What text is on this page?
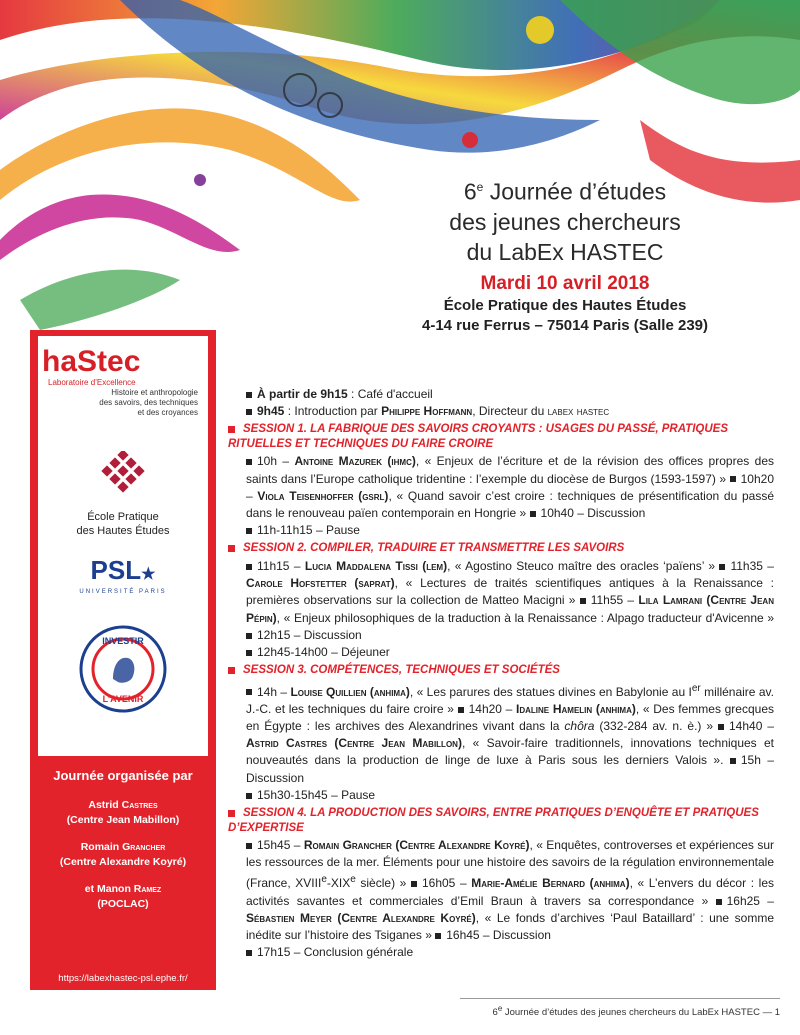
6e Journée d’études
des jeunes chercheurs
du LabEx HASTEC
Mardi 10 avril 2018
École Pratique des Hautes Études
4-14 rue Ferrus – 75014 Paris (Salle 239)
haStec
Laboratoire d’Excellence
Histoire et anthropologie
des savoirs, des techniques
et des croyances
École Pratique
des Hautes Études
PSL★
UNIVERSITÉ PARIS
INVESTIR
L’AVENIR
Journée organisée par
Astrid Castres
(Centre Jean Mabillon)
Romain Grancher
(Centre Alexandre Koyré)
et Manon Ramez
(POCLAC)
https://labexhastec-psl.ephe.fr/

À partir de 9h15 : Café d'accueil

9h45 : Introduction par Philippe Hoffmann, Directeur du labex hastec

SESSION 1. LA FABRIQUE DES SAVOIRS CROYANTS : USAGES DU PASSÉ, PRATIQUES RITUELLES ET TECHNIQUES DU FAIRE CROIRE

10h – Antoine Mazurek (ihmc), « Enjeux de l’écriture et de la révision des offices propres des saints dans l’Europe catholique tridentine : l’exemple du diocèse de Burgos (1593-1597) » 10h20 – Viola Teisenhoffer (gsrl), « Quand savoir c’est croire : techniques de présentification du passé dans le renouveau païen contemporain en Hongrie » 10h40 – Discussion

11h-11h15 – Pause

SESSION 2. COMPILER, TRADUIRE ET TRANSMETTRE LES SAVOIRS

11h15 – Lucia Maddalena Tissi (lem), « Agostino Steuco maître des oracles ‘païens’ » 11h35 – Carole Hofstetter (saprat), « Lectures de traités scientifiques antiques à la Renaissance : premières observations sur la collection de Matteo Macigni » 11h55 – Lila Lamrani (Centre Jean Pépin), « Enjeux philosophiques de la traduction à la Renaissance : Alpago traducteur d'Avicenne » 12h15 – Discussion

12h45-14h00 – Déjeuner

SESSION 3. COMPÉTENCES, TECHNIQUES ET SOCIÉTÉS

14h – Louise Quillien (anhima), « Les parures des statues divines en Babylonie au Ier millénaire av. J.-C. et les techniques du faire croire » 14h20 – Idaline Hamelin (anhima), « Des femmes grecques en Égypte : les archives des Alexandrines vivant dans la chôra (332-284 av. n. è.) » 14h40 – Astrid Castres (Centre Jean Mabillon), « Savoir-faire traditionnels, innovations techniques et nouveautés dans la production de linge de luxe à Paris sous les derniers Valois ». 15h – Discussion

15h30-15h45 – Pause

SESSION 4. LA PRODUCTION DES SAVOIRS, ENTRE PRATIQUES D’ENQUÊTE ET PRATIQUES D’EXPERTISE

15h45 – Romain Grancher (Centre Alexandre Koyré), « Enquêtes, controverses et expériences sur les ressources de la mer. Éléments pour une histoire des savoirs de la régulation environnementale (France, XVIIIe-XIXe siècle) » 16h05 – Marie-Amélie Bernard (anhima), « L’envers du décor : les activités savantes et commerciales d’Emil Braun à travers sa correspondance » 16h25 – Sébastien Meyer (Centre Alexandre Koyré), « Le fonds d’archives ‘Paul Bataillard’ : une somme inédite sur l’histoire des Tsiganes » 16h45 – Discussion

17h15 – Conclusion générale

6e Journée d’études des jeunes chercheurs du LabEx HASTEC — 1
